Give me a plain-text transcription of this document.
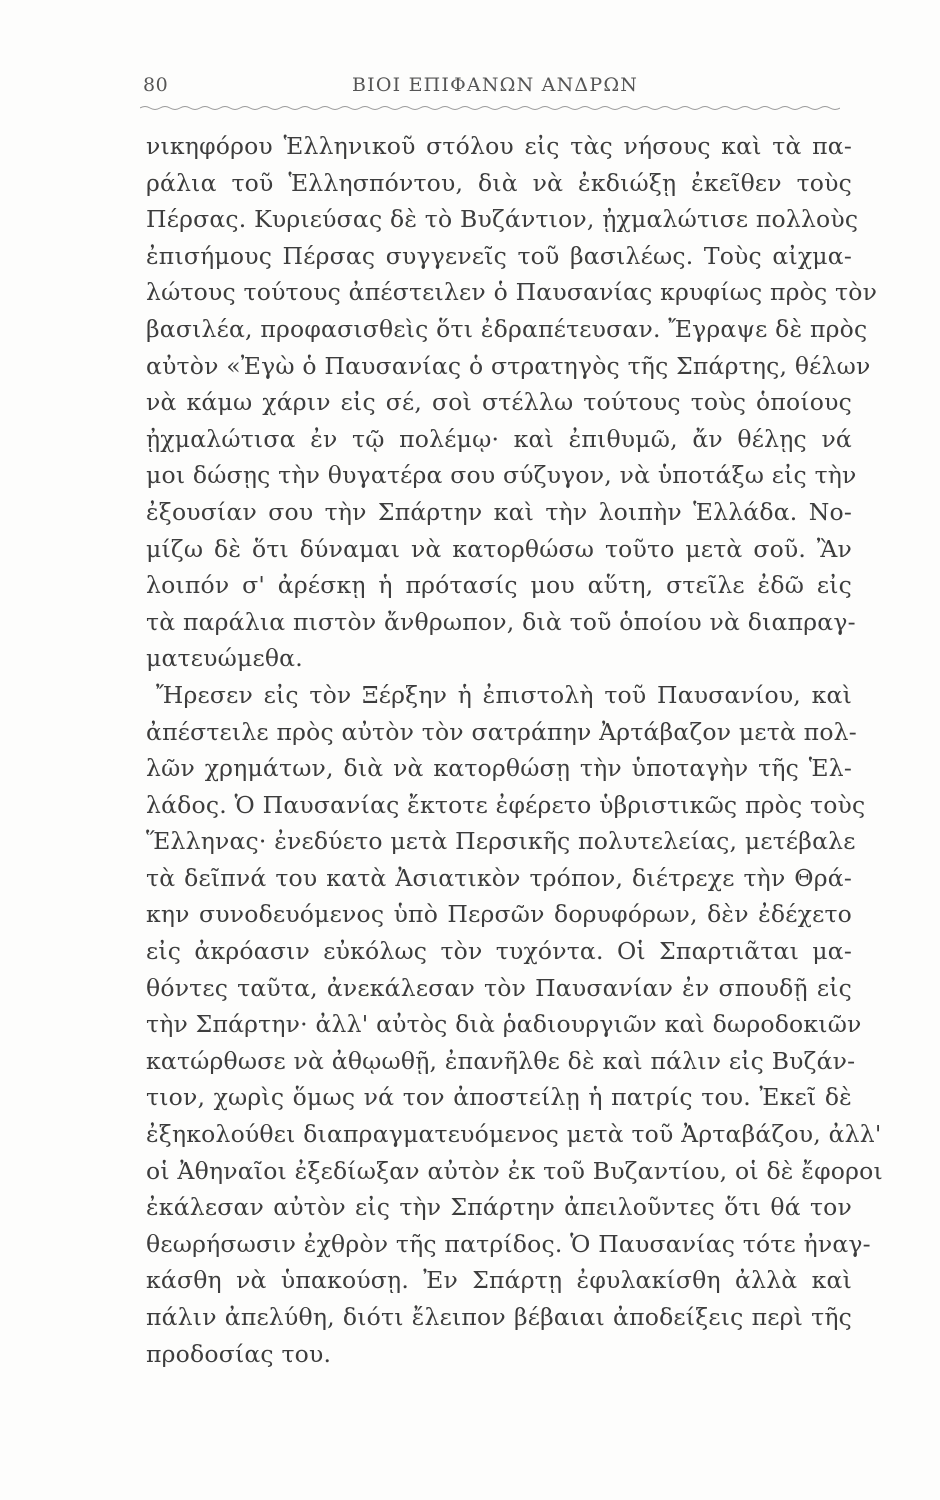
80	ΒΙΟΙ ΕΠΙΦΑΝΩΝ ΑΝΔΡΩΝ
νικηφόρου Ἑλληνικοῦ στόλου εἰς τὰς νήσους καὶ τὰ πα-
ράλια τοῦ Ἑλλησπόντου, διὰ νὰ ἐκδιώξῃ ἐκεῖθεν τοὺς
Πέρσας. Κυριεύσας δὲ τὸ Βυζάντιον, ᾐχμαλώτισε πολλοὺς
ἐπισήμους Πέρσας συγγενεῖς τοῦ βασιλέως. Τοὺς αἰχμα-
λώτους τούτους ἀπέστειλεν ὁ Παυσανίας κρυφίως πρὸς τὸν
βασιλέα, προφασισθεὶς ὅτι ἐδραπέτευσαν. Ἔγραψε δὲ πρὸς
αὐτὸν «Ἐγὼ ὁ Παυσανίας ὁ στρατηγὸς τῆς Σπάρτης, θέλων
νὰ κάμω χάριν εἰς σέ, σοὶ στέλλω τούτους τοὺς ὁποίους
ᾐχμαλώτισα ἐν τῷ πολέμῳ· καὶ ἐπιθυμῶ, ἄν θέλῃς νά
μοι δώσῃς τὴν θυγατέρα σου σύζυγον, νὰ ὑποτάξω εἰς τὴν
ἐξουσίαν σου τὴν Σπάρτην καὶ τὴν λοιπὴν Ἑλλάδα. Νο-
μίζω δὲ ὅτι δύναμαι νὰ κατορθώσω τοῦτο μετὰ σοῦ. Ἂν
λοιπόν σ' ἀρέσκῃ ἡ πρότασίς μου αὕτη, στεῖλε ἐδῶ εἰς
τὰ παράλια πιστὸν ἄνθρωπον, διὰ τοῦ ὁποίου νὰ διαπραγ-
ματευώμεθα.
Ἤρεσεν εἰς τὸν Ξέρξην ἡ ἐπιστολὴ τοῦ Παυσανίου, καὶ
ἀπέστειλε πρὸς αὐτὸν τὸν σατράπην Ἀρτάβαζον μετὰ πολ-
λῶν χρημάτων, διὰ νὰ κατορθώσῃ τὴν ὑποταγὴν τῆς Ἑλ-
λάδος. Ὁ Παυσανίας ἔκτοτε ἐφέρετο ὑβριστικῶς πρὸς τοὺς
Ἕλληνας· ἐνεδύετο μετὰ Περσικῆς πολυτελείας, μετέβαλε
τὰ δεῖπνά του κατὰ Ἀσιατικὸν τρόπον, διέτρεχε τὴν Θρά-
κην συνοδευόμενος ὑπὸ Περσῶν δορυφόρων, δὲν ἐδέχετο
εἰς ἀκρόασιν εὐκόλως τὸν τυχόντα. Οἱ Σπαρτιᾶται μα-
θόντες ταῦτα, ἀνεκάλεσαν τὸν Παυσανίαν ἐν σπουδῇ εἰς
τὴν Σπάρτην· ἀλλ' αὐτὸς διὰ ῥαδιουργιῶν καὶ δωροδοκιῶν
κατώρθωσε νὰ ἀθῳωθῇ, ἐπανῆλθε δὲ καὶ πάλιν εἰς Βυζάν-
τιον, χωρὶς ὅμως νά τον ἀποστείλῃ ἡ πατρίς του. Ἐκεῖ δὲ
ἐξηκολούθει διαπραγματευόμενος μετὰ τοῦ Ἀρταβάζου, ἀλλ'
οἱ Ἀθηναῖοι ἐξεδίωξαν αὐτὸν ἐκ τοῦ Βυζαντίου, οἱ δὲ ἔφοροι
ἐκάλεσαν αὐτὸν εἰς τὴν Σπάρτην ἀπειλοῦντες ὅτι θά τον
θεωρήσωσιν ἐχθρὸν τῆς πατρίδος. Ὁ Παυσανίας τότε ἠναγ-
κάσθη νὰ ὑπακούσῃ. Ἐν Σπάρτῃ ἐφυλακίσθη ἀλλὰ καὶ
πάλιν ἀπελύθη, διότι ἔλειπον βέβαιαι ἀποδείξεις περὶ τῆς
προδοσίας του.
